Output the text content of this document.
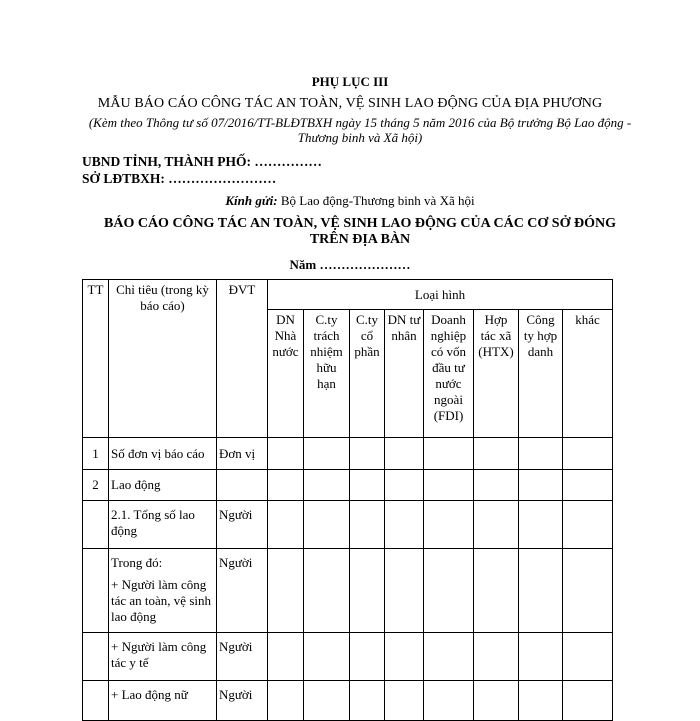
PHỤ LỤC III
MẪU BÁO CÁO CÔNG TÁC AN TOÀN, VỆ SINH LAO ĐỘNG CỦA ĐỊA PHƯƠNG
(Kèm theo Thông tư số 07/2016/TT-BLĐTBXH ngày 15 tháng 5 năm 2016 của Bộ trưởng Bộ Lao động - Thương binh và Xã hội)
UBND TỈNH, THÀNH PHỐ: ……………
SỞ LĐTBXH: ……………………
Kính gửi: Bộ Lao động-Thương binh và Xã hội
BÁO CÁO CÔNG TÁC AN TOÀN, VỆ SINH LAO ĐỘNG CỦA CÁC CƠ SỞ ĐÓNG TRÊN ĐỊA BÀN
Năm …………………
TT	Chỉ tiêu (trong kỳ báo cáo)	ĐVT	Loại hình							
			DN Nhà nước	C.ty trách nhiệm hữu hạn	C.ty cổ phần	DN tư nhân	Doanh nghiệp có vốn đầu tư nước ngoài (FDI)	Hợp tác xã (HTX)	Công ty hợp danh	khác
1	Số đơn vị báo cáo	Đơn vị								
2	Lao động									
	2.1. Tổng số lao động	Người								
	Trong đó:
+ Người làm công tác an toàn, vệ sinh lao động	Người								
	+ Người làm công tác y tế	Người								
	+ Lao động nữ	Người								
